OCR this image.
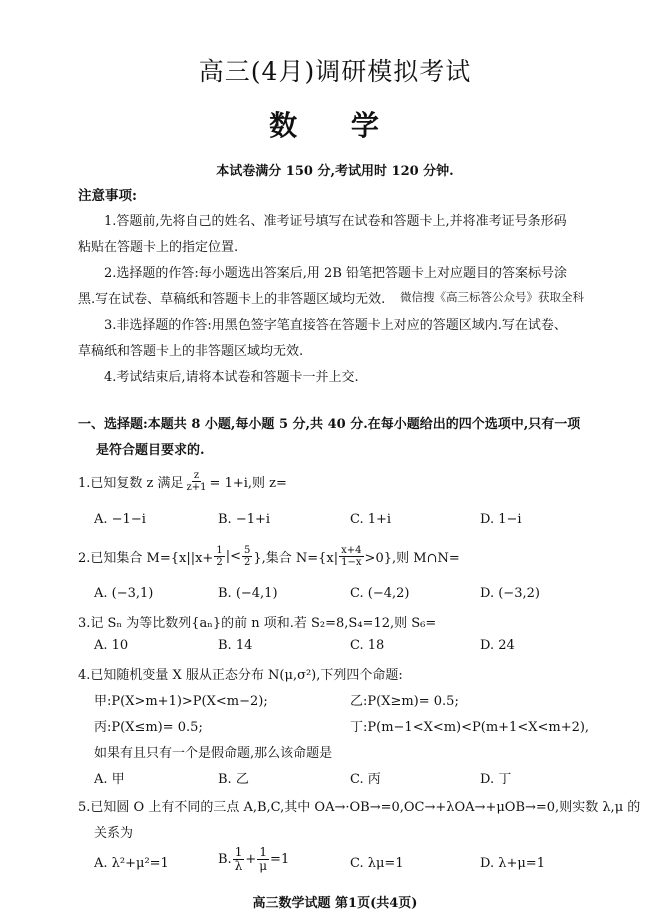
高三(4月)调研模拟考试
数 学
本试卷满分 150 分,考试用时 120 分钟.
注意事项:
1.答题前,先将自己的姓名、准考证号填写在试卷和答题卡上,并将准考证号条形码
粘贴在答题卡上的指定位置.
2.选择题的作答:每小题选出答案后,用 2B 铅笔把答题卡上对应题目的答案标号涂
黑.写在试卷、草稿纸和答题卡上的非答题区域均无效. 微信搜《高三标答公众号》获取全科
3.非选择题的作答:用黑色签字笔直接答在答题卡上对应的答题区域内.写在试卷、
草稿纸和答题卡上的非答题区域均无效.
4.考试结束后,请将本试卷和答题卡一并上交.
一、选择题:本题共 8 小题,每小题 5 分,共 40 分.在每小题给出的四个选项中,只有一项
是符合题目要求的.
1.已知复数 z 满足 $\frac{z}{z+1} = 1+i$,则 z=
A. −1−i	B. −1+i	C. 1+i	D. 1−i
2.已知集合 $M=\{x||x+ \frac{1}{2}$ |< $\frac{5}{2}$ },集合 $N=\{x| \frac{x+4}{1-x} >0\}$,则 M∩N=
A. (−3,1)	B. (−4,1)	C. (−4,2)	D. (−3,2)
3.记 Sₙ 为等比数列{aₙ}的前 n 项和.若 S₂=8,S₄=12,则 S₆=
A. 10	B. 14	C. 18	D. 24
4.已知随机变量 X 服从正态分布 N(μ,σ²),下列四个命题:
甲:P(X>m+1)>P(X<m−2);	乙:P(X≥m)= 0.5;
丙:P(X≤m)= 0.5;	丁:P(m−1<X<m)<P(m+1<X<m+2),
如果有且只有一个是假命题,那么该命题是
A. 甲	B. 乙	C. 丙	D. 丁
5.已知圆 O 上有不同的三点 A,B,C,其中 OA→·OB→=0,OC→+λOA→+μOB→=0,则实数 λ,μ 的
关系为
A. λ²+μ²=1	B. $\frac{1}{\lambda} + \frac{1}{\mu} =1$	C. λμ=1	D. λ+μ=1
高三数学试题 第1页(共4页)
